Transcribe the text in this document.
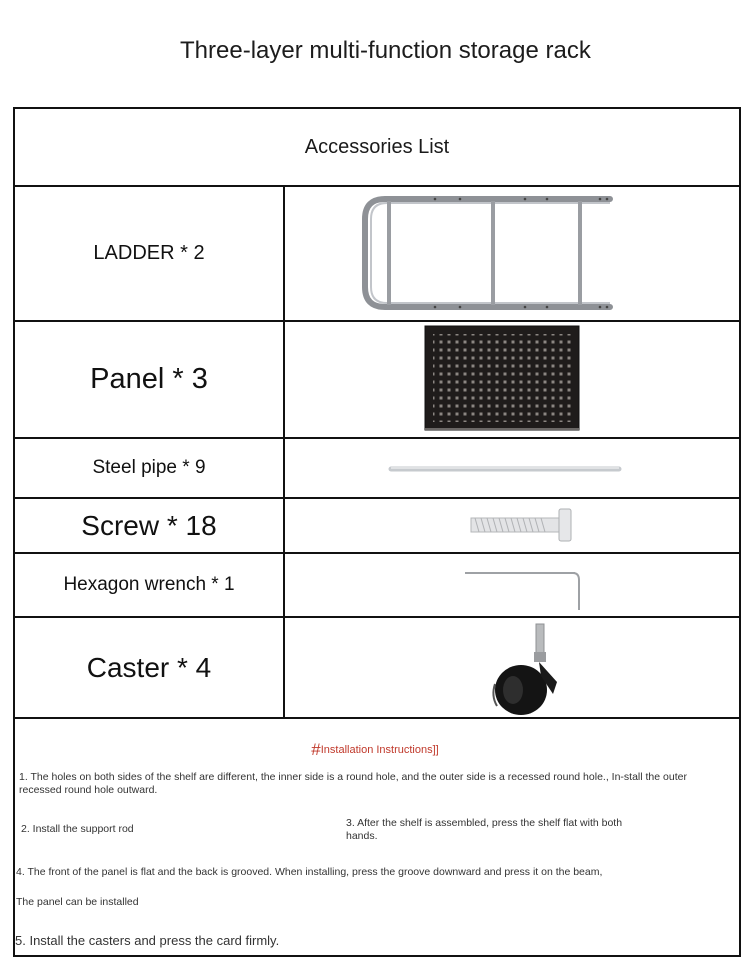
Three-layer multi-function storage rack
Accessories List
LADDER * 2
Panel * 3
Steel pipe * 9
Screw * 18
Hexagon wrench * 1
Caster * 4
#Installation Instructions]]
1. The holes on both sides of the shelf are different, the inner side is a round hole, and the outer side is a recessed round hole., In-stall the outer recessed round hole outward.
2. Install the support rod	3. After the shelf is assembled, press the shelf flat with both hands.
4. The front of the panel is flat and the back is grooved. When installing, press the groove downward and press it on the beam,
The panel can be installed
5. Install the casters and press the card firmly.
